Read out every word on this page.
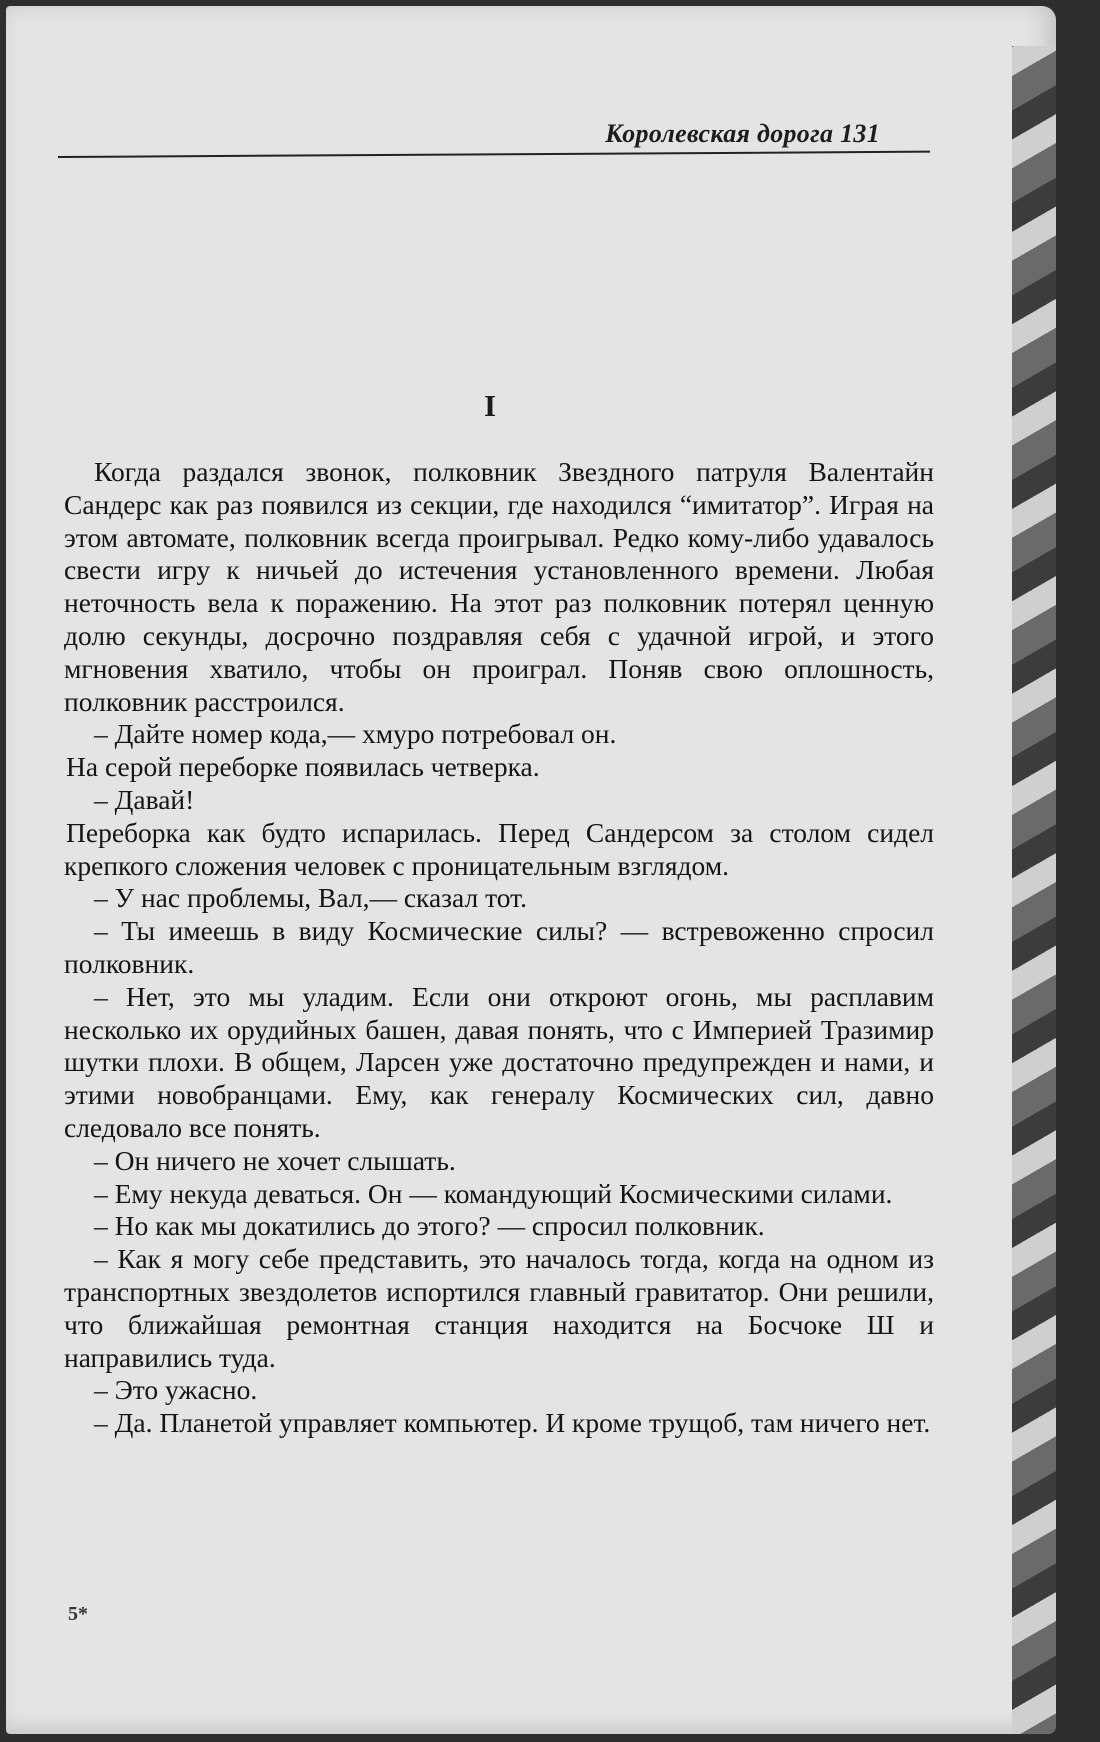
Королевская дорога 131
I

Когда раздался звонок, полковник Звездного патруля Валентайн Сандерс как раз появился из секции, где находился “имитатор”. Играя на этом автомате, полковник всегда проигрывал. Редко кому-либо удавалось свести игру к ничьей до истечения установленного времени. Любая неточность вела к поражению. На этот раз полковник потерял ценную долю секунды, досрочно поздравляя себя с удачной игрой, и этого мгновения хватило, чтобы он проиграл. Поняв свою оплошность, полковник расстроился.

– Дайте номер кода,— хмуро потребовал он.

На серой переборке появилась четверка.

– Давай!

Переборка как будто испарилась. Перед Сандерсом за столом сидел крепкого сложения человек с проницательным взглядом.

– У нас проблемы, Вал,— сказал тот.

– Ты имеешь в виду Космические силы? — встревоженно спросил полковник.

– Нет, это мы уладим. Если они откроют огонь, мы расплавим несколько их орудийных башен, давая понять, что с Империей Тразимир шутки плохи. В общем, Ларсен уже достаточно предупрежден и нами, и этими новобранцами. Ему, как генералу Космических сил, давно следовало все понять.

– Он ничего не хочет слышать.

– Ему некуда деваться. Он — командующий Космическими силами.

– Но как мы докатились до этого? — спросил полковник.

– Как я могу себе представить, это началось тогда, когда на одном из транспортных звездолетов испортился главный гравитатор. Они решили, что ближайшая ремонтная станция находится на Босчоке Ш и направились туда.

– Это ужасно.

– Да. Планетой управляет компьютер. И кроме трущоб, там ничего нет.

5*
